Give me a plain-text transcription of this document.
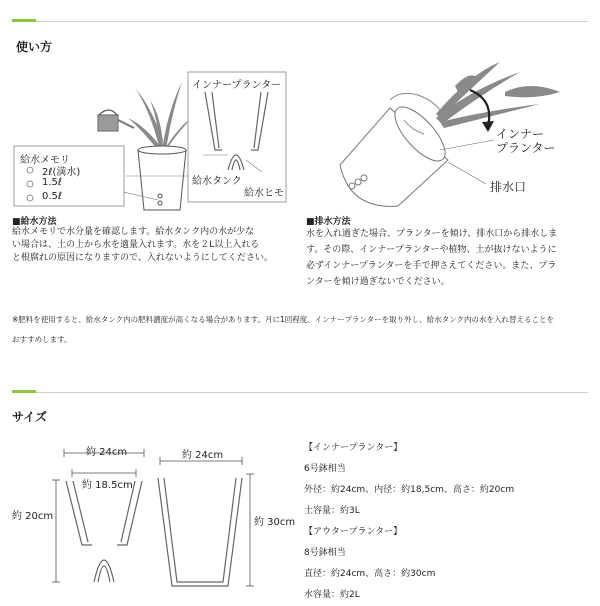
使い方
給水メモリ
2ℓ(満水)
1.5ℓ
0.5ℓ
インナープランター
給水タンク
給水ヒモ
インナー
プランター
排水口
■給水方法
給水メモリで水分量を確認します。給水タンク内の水が少な
い場合は、土の上から水を適量入れます。水を２L以上入れる
と根腐れの原因になりますので、入れないようにしてください。
■排水方法
水を入れ過ぎた場合、プランターを傾け、排水口から排水しま
す。その際、インナープランターや植物、土が抜けないように
必ずインナープランターを手で押さえてください。また、プラ
ンターを傾け過ぎないでください。
※肥料を使用すると、給水タンク内の肥料濃度が高くなる場合があります。月に1回程度、インナープランターを取り外し、給水タンク内の水を入れ替えることを
おすすめします。
サイズ
約 24cm
約 18.5cm
約 20cm
約 24cm
約 30cm
【インナープランター】
6号鉢相当
外径：約24cm、内径：約18,5cm、高さ：約20cm
土容量：約3L
【アウタープランター】
8号鉢相当
直径：約24cm、高さ：約30cm
水容量：約2L
